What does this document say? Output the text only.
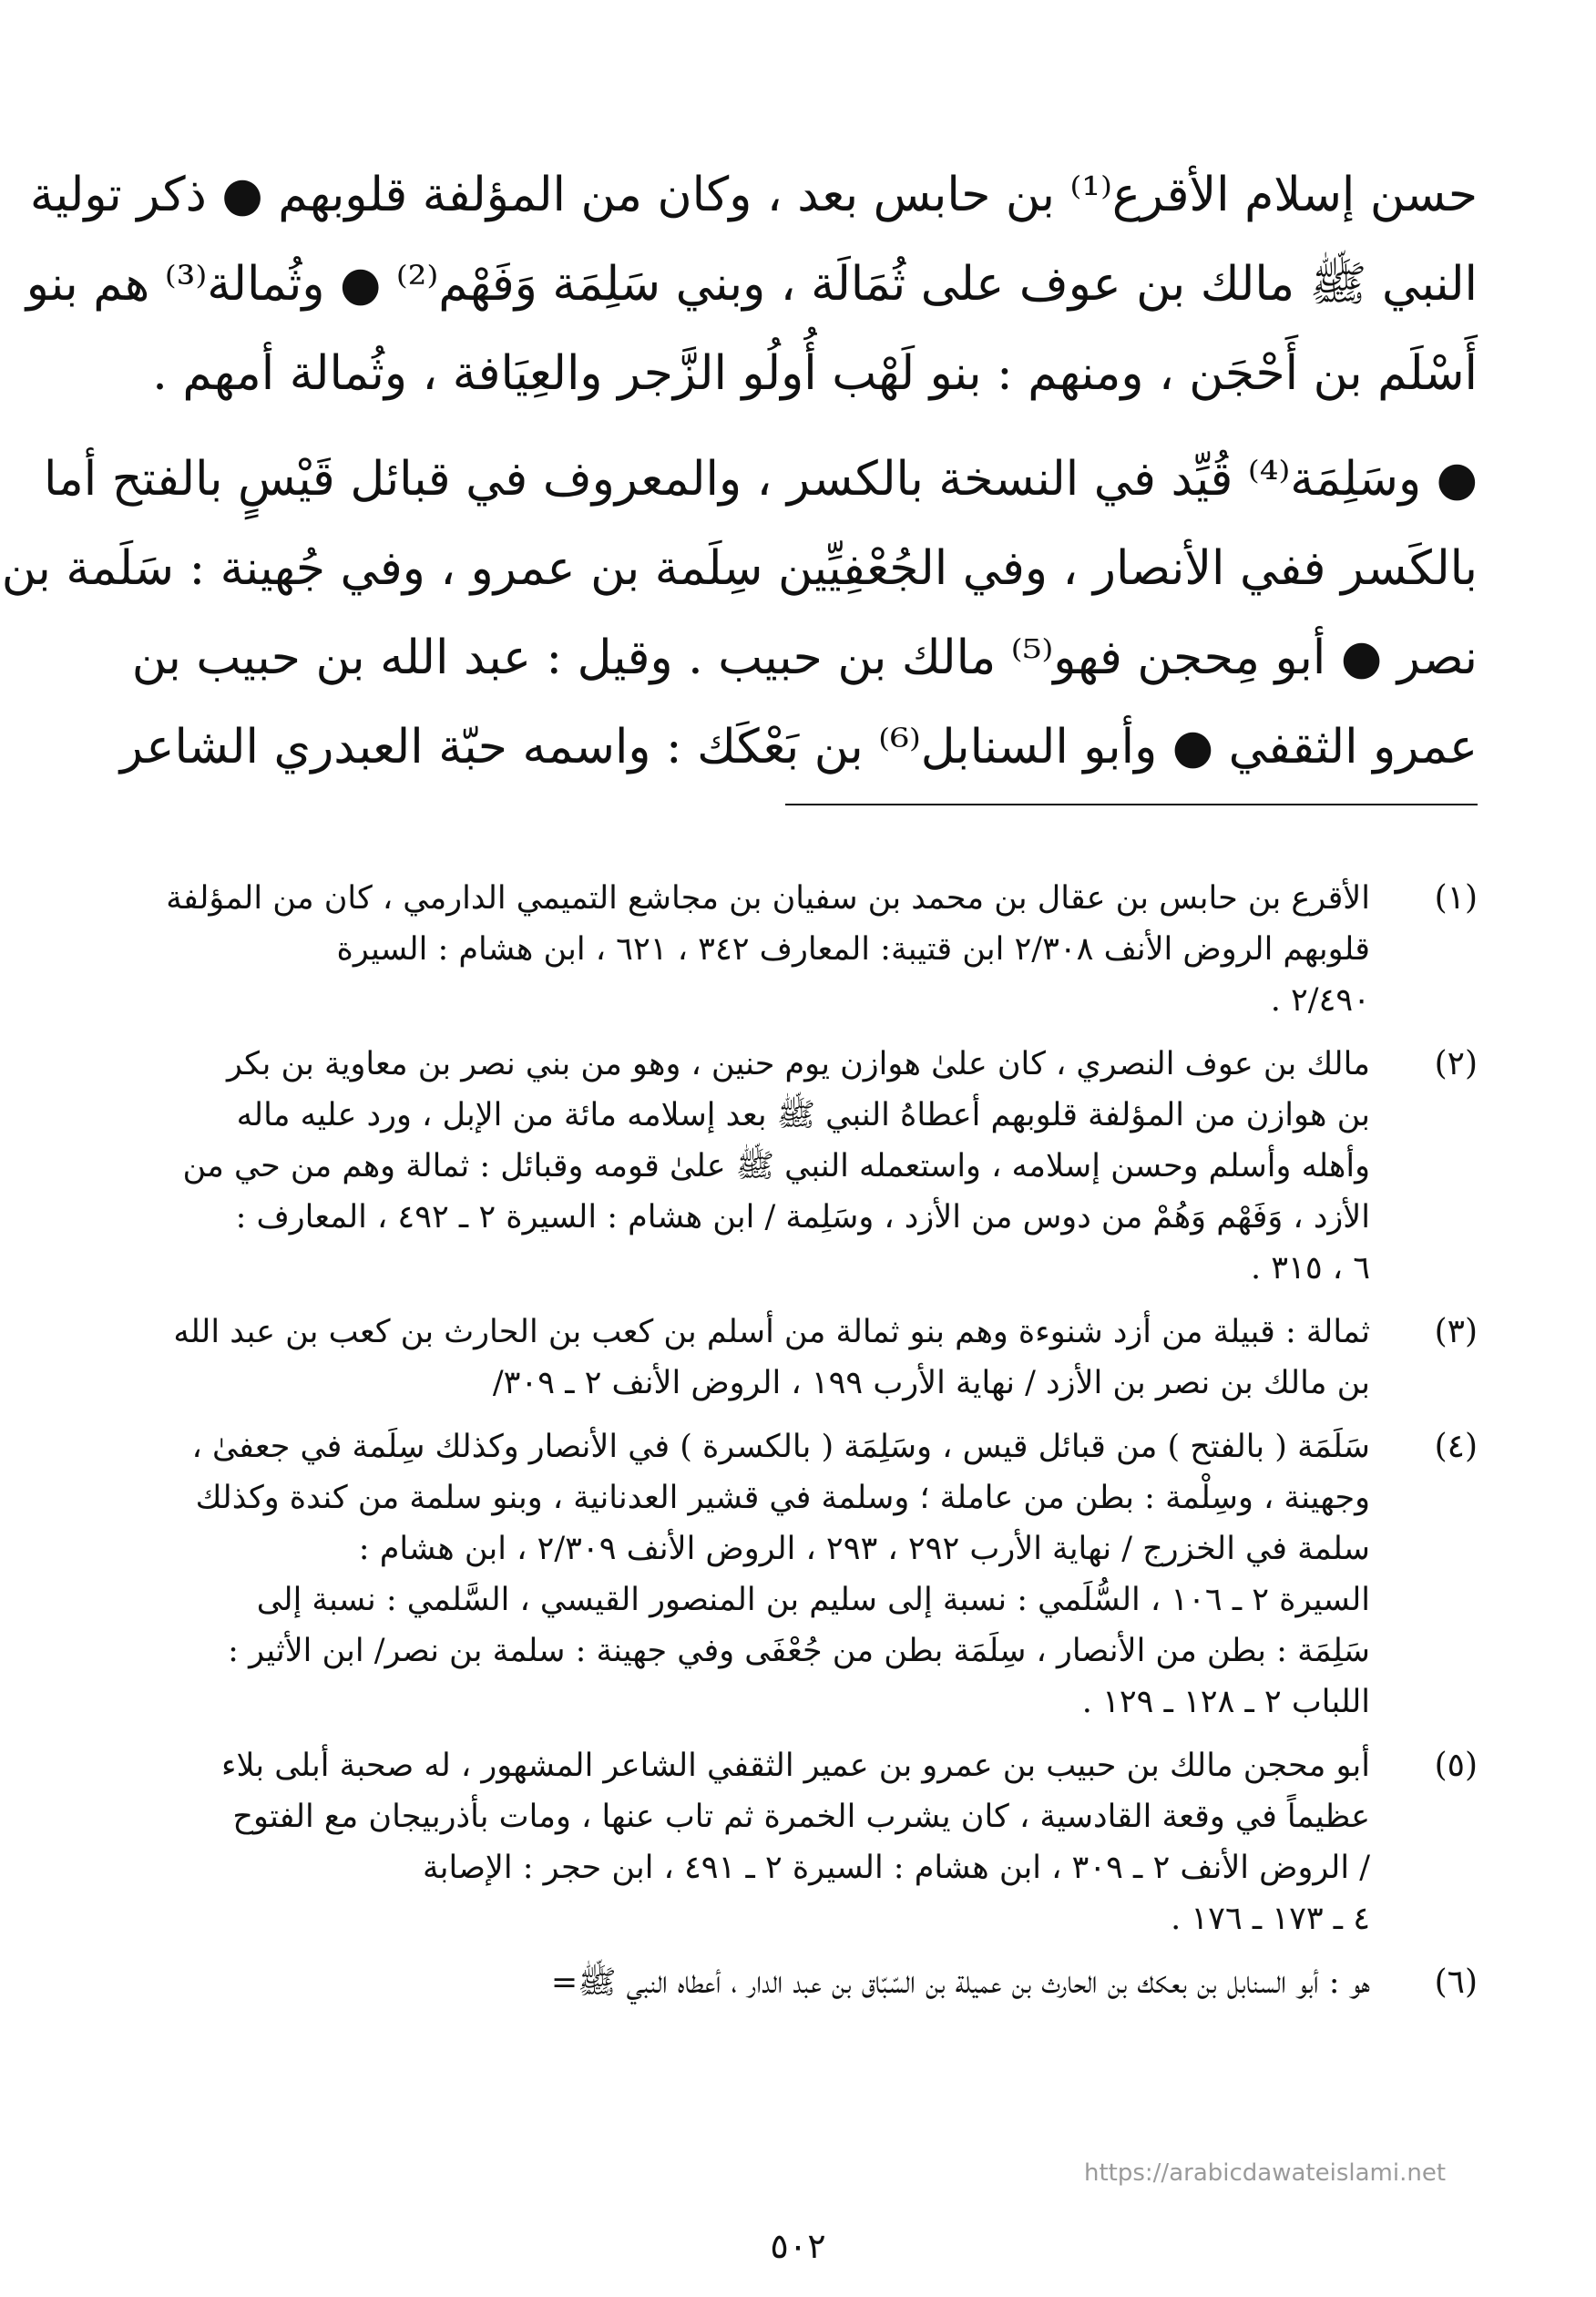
حسن إسلام الأقرع⁽¹⁾ بن حابس بعد ، وكان من المؤلفة قلوبهم ● ذكر تولية
النبي ﷺ مالك بن عوف على ثُمَالَة ، وبني سَلِمَة وَفَهْم⁽²⁾ ● وثُمالة⁽³⁾ هم بنو
أَسْلَم بن أَحْجَن ، ومنهم : بنو لَهْب أُولُو الزَّجر والعِيَافة ، وثُمالة أمهم .
● وسَلِمَة⁽⁴⁾ قُيِّد في النسخة بالكسر ، والمعروف في قبائل قَيْسٍ بالفتح أما
بالكَسر ففي الأنصار ، وفي الجُعْفِيِّين سِلَمة بن عمرو ، وفي جُهينة : سَلَمة بن
نصر ● أبو مِحجن فهو⁽⁵⁾ مالك بن حبيب . وقيل : عبد الله بن حبيب بن
عمرو الثقفي ● وأبو السنابل⁽⁶⁾ بن بَعْكَك : واسمه حبّة العبدري الشاعر
(١)
الأقرع بن حابس بن عقال بن محمد بن سفيان بن مجاشع التميمي الدارمي ، كان من المؤلفة
قلوبهم الروض الأنف ٢/٣٠٨ ابن قتيبة: المعارف ٣٤٢ ، ٦٢١ ، ابن هشام : السيرة
٢/٤٩٠ .
(٢)
مالك بن عوف النصري ، كان علىٰ هوازن يوم حنين ، وهو من بني نصر بن معاوية بن بكر
بن هوازن من المؤلفة قلوبهم أعطاهُ النبي ﷺ بعد إسلامه مائة من الإبل ، ورد عليه ماله
وأهله وأسلم وحسن إسلامه ، واستعمله النبي ﷺ علىٰ قومه وقبائل : ثمالة وهم من حي من
الأزد ، وَفَهْم وَهُمْ من دوس من الأزد ، وسَلِمة / ابن هشام : السيرة ٢ ـ ٤٩٢ ، المعارف :
٦ ، ٣١٥ .
(٣)
ثمالة : قبيلة من أزد شنوءة وهم بنو ثمالة من أسلم بن كعب بن الحارث بن كعب بن عبد الله
بن مالك بن نصر بن الأزد / نهاية الأرب ١٩٩ ، الروض الأنف ٢ ـ ٣٠٩/
(٤)
سَلَمَة ( بالفتح ) من قبائل قيس ، وسَلِمَة ( بالكسرة ) في الأنصار وكذلك سِلَمة في جعفىٰ ،
وجهينة ، وسِلْمة : بطن من عاملة ؛ وسلمة في قشير العدنانية ، وبنو سلمة من كندة وكذلك
سلمة في الخزرج / نهاية الأرب ٢٩٢ ، ٢٩٣ ، الروض الأنف ٢/٣٠٩ ، ابن هشام :
السيرة ٢ ـ ١٠٦ ، السُّلَمي : نسبة إلى سليم بن المنصور القيسي ، السَّلمي : نسبة إلى
سَلِمَة : بطن من الأنصار ، سِلَمَة بطن من جُعْفَى وفي جهينة : سلمة بن نصر/ ابن الأثير :
اللباب ٢ ـ ١٢٨ ـ ١٢٩ .
(٥)
أبو محجن مالك بن حبيب بن عمرو بن عمير الثقفي الشاعر المشهور ، له صحبة أبلى بلاء
عظيماً في وقعة القادسية ، كان يشرب الخمرة ثم تاب عنها ، ومات بأذربيجان مع الفتوح
/ الروض الأنف ٢ ـ ٣٠٩ ، ابن هشام : السيرة ٢ ـ ٤٩١ ، ابن حجر : الإصابة
٤ ـ ١٧٣ ـ ١٧٦ .
(٦)
هو : أبو السنابل بن بعكك بن الحارث بن عميلة بن السّبّاق بن عبد الدار ، أعطاه النبي ﷺ=
https://arabicdawateislami.net
٥٠٢
